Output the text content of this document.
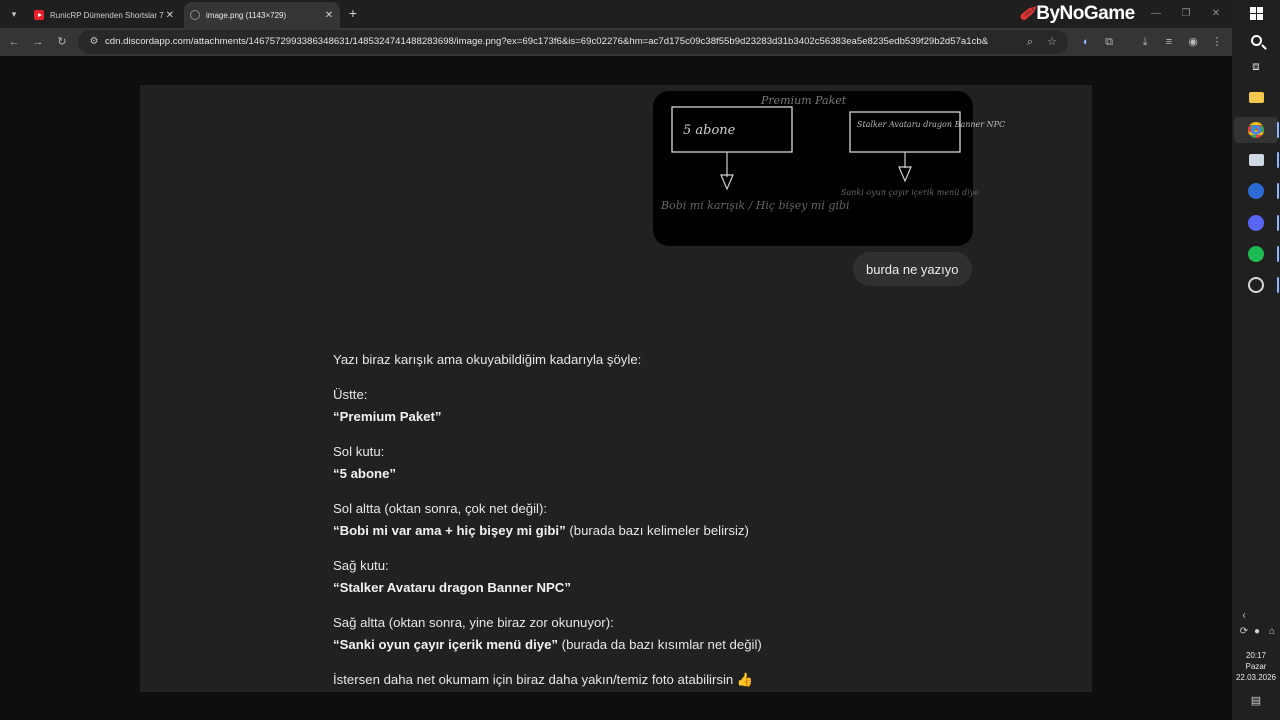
▾	RunicRP Dümenden Shortslar 7 ✕	image.png (1143×729)	✕ +	✐ ByNoGame	—	❐	✕
← →	↻	⚙ cdn.discordapp.com/attachments/1467572993386348631/1485324741488283698/image.png?ex=69c173f6&is=69c02276&hm=ac7d175c09c38f55b9d23283d31b3402c56383ea5e8235edb539f29b2d57a1cb&	⌕	☆	◖	⧉	⤓	≡	◉ ⋮
Premium Paket
5 abone
Bobi mi karışık / Hiç bişey mi gibi
Stalker Avataru dragon Banner NPC
Sanki oyun çayır içerik menü diye
burda ne yazıyo

Yazı biraz karışık ama okuyabildiğim kadarıyla şöyle:

Üstte:
“Premium Paket”

Sol kutu:
“5 abone”

Sol altta (oktan sonra, çok net değil):
“Bobi mi var ama + hiç bişey mi gibi” (burada bazı kelimeler belirsiz)

Sağ kutu:
“Stalker Avataru dragon Banner NPC”

Sağ altta (oktan sonra, yine biraz zor okunuyor):
“Sanki oyun çayır içerik menü diye” (burada da bazı kısımlar net değil)

İstersen daha net okumam için biraz daha yakın/temiz foto atabilirsin 👍

⧈
‹
⟳ ● ⌂
20:17
Pazar
22.03.2026
▤
